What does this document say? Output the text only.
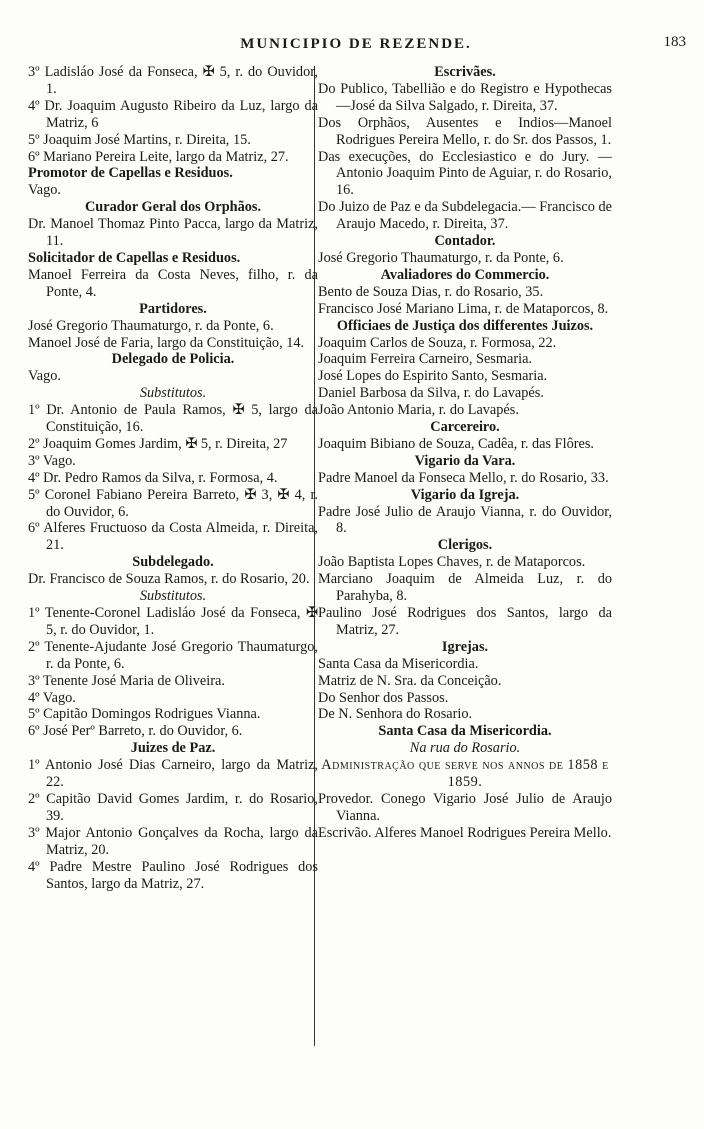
MUNICIPIO DE REZENDE.	183
3º Ladisláo José da Fonseca, ✠ 5, r. do Ouvidor, 1.
4º Dr. Joaquim Augusto Ribeiro da Luz, largo da Matriz, 6
5º Joaquim José Martins, r. Direita, 15.
6º Mariano Pereira Leite, largo da Matriz, 27.
Promotor de Capellas e Residuos.
Vago.
Curador Geral dos Orphãos.
Dr. Manoel Thomaz Pinto Pacca, largo da Matriz, 11.
Solicitador de Capellas e Residuos.
Manoel Ferreira da Costa Neves, filho, r. da Ponte, 4.
Partidores.
José Gregorio Thaumaturgo, r. da Ponte, 6.
Manoel José de Faria, largo da Constituição, 14.
Delegado de Policia.
Vago.
Substitutos.
1º Dr. Antonio de Paula Ramos, ✠ 5, largo da Constituição, 16.
2º Joaquim Gomes Jardim, ✠ 5, r. Direita, 27
3º Vago.
4º Dr. Pedro Ramos da Silva, r. Formosa, 4.
5º Coronel Fabiano Pereira Barreto, ✠ 3, ✠ 4, r. do Ouvidor, 6.
6º Alferes Fructuoso da Costa Almeida, r. Direita, 21.
Subdelegado.
Dr. Francisco de Souza Ramos, r. do Rosario, 20.
Substitutos.
1º Tenente-Coronel Ladisláo José da Fonseca, ✠ 5, r. do Ouvidor, 1.
2º Tenente-Ajudante José Gregorio Thaumaturgo, r. da Ponte, 6.
3º Tenente José Maria de Oliveira.
4º Vago.
5º Capitão Domingos Rodrigues Vianna.
6º José Perº Barreto, r. do Ouvidor, 6.
Juizes de Paz.
1º Antonio José Dias Carneiro, largo da Matriz, 22.
2º Capitão David Gomes Jardim, r. do Rosario, 39.
3º Major Antonio Gonçalves da Rocha, largo da Matriz, 20.
4º Padre Mestre Paulino José Rodrigues dos Santos, largo da Matriz, 27.
Escrivães.
Do Publico, Tabellião e do Registro e Hypothecas—José da Silva Salgado, r. Direita, 37.
Dos Orphãos, Ausentes e Indios—Manoel Rodrigues Pereira Mello, r. do Sr. dos Passos, 1.
Das execuções, do Ecclesiastico e do Jury. — Antonio Joaquim Pinto de Aguiar, r. do Rosario, 16.
Do Juizo de Paz e da Subdelegacia.— Francisco de Araujo Macedo, r. Direita, 37.
Contador.
José Gregorio Thaumaturgo, r. da Ponte, 6.
Avaliadores do Commercio.
Bento de Souza Dias, r. do Rosario, 35.
Francisco José Mariano Lima, r. de Mataporcos, 8.
Officiaes de Justiça dos differentes Juizos.
Joaquim Carlos de Souza, r. Formosa, 22.
Joaquim Ferreira Carneiro, Sesmaria.
José Lopes do Espirito Santo, Sesmaria.
Daniel Barbosa da Silva, r. do Lavapés.
João Antonio Maria, r. do Lavapés.
Carcereiro.
Joaquim Bibiano de Souza, Cadêa, r. das Flôres.
Vigario da Vara.
Padre Manoel da Fonseca Mello, r. do Rosario, 33.
Vigario da Igreja.
Padre José Julio de Araujo Vianna, r. do Ouvidor, 8.
Clerigos.
João Baptista Lopes Chaves, r. de Mataporcos.
Marciano Joaquim de Almeida Luz, r. do Parahyba, 8.
Paulino José Rodrigues dos Santos, largo da Matriz, 27.
Igrejas.
Santa Casa da Misericordia.
Matriz de N. Sra. da Conceição.
Do Senhor dos Passos.
De N. Senhora do Rosario.
Santa Casa da Misericordia.
Na rua do Rosario.
Administração que serve nos annos de 1858 e 1859.
Provedor. Conego Vigario José Julio de Araujo Vianna.
Escrivão. Alferes Manoel Rodrigues Pereira Mello.
